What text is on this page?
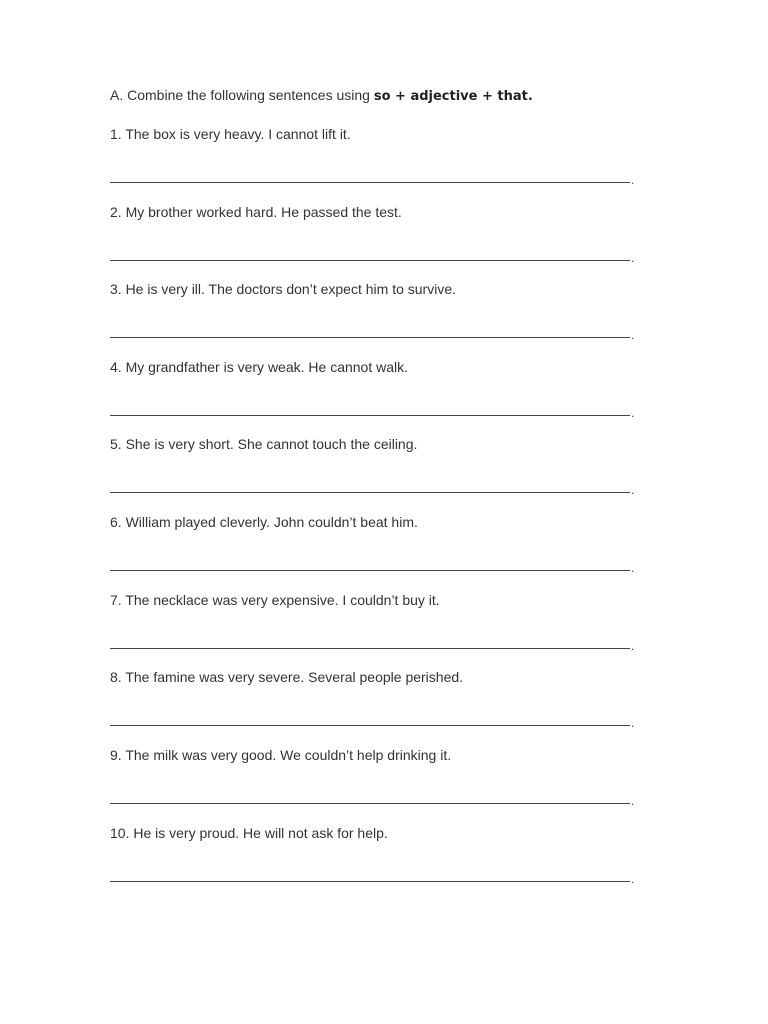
A. Combine the following sentences using so + adjective + that.
1. The box is very heavy. I cannot lift it.
.
2. My brother worked hard. He passed the test.
.
3. He is very ill. The doctors don’t expect him to survive.
.
4. My grandfather is very weak. He cannot walk.
.
5. She is very short. She cannot touch the ceiling.
.
6. William played cleverly. John couldn’t beat him.
.
7. The necklace was very expensive. I couldn’t buy it.
.
8. The famine was very severe. Several people perished.
.
9. The milk was very good. We couldn’t help drinking it.
.
10. He is very proud. He will not ask for help.
.
